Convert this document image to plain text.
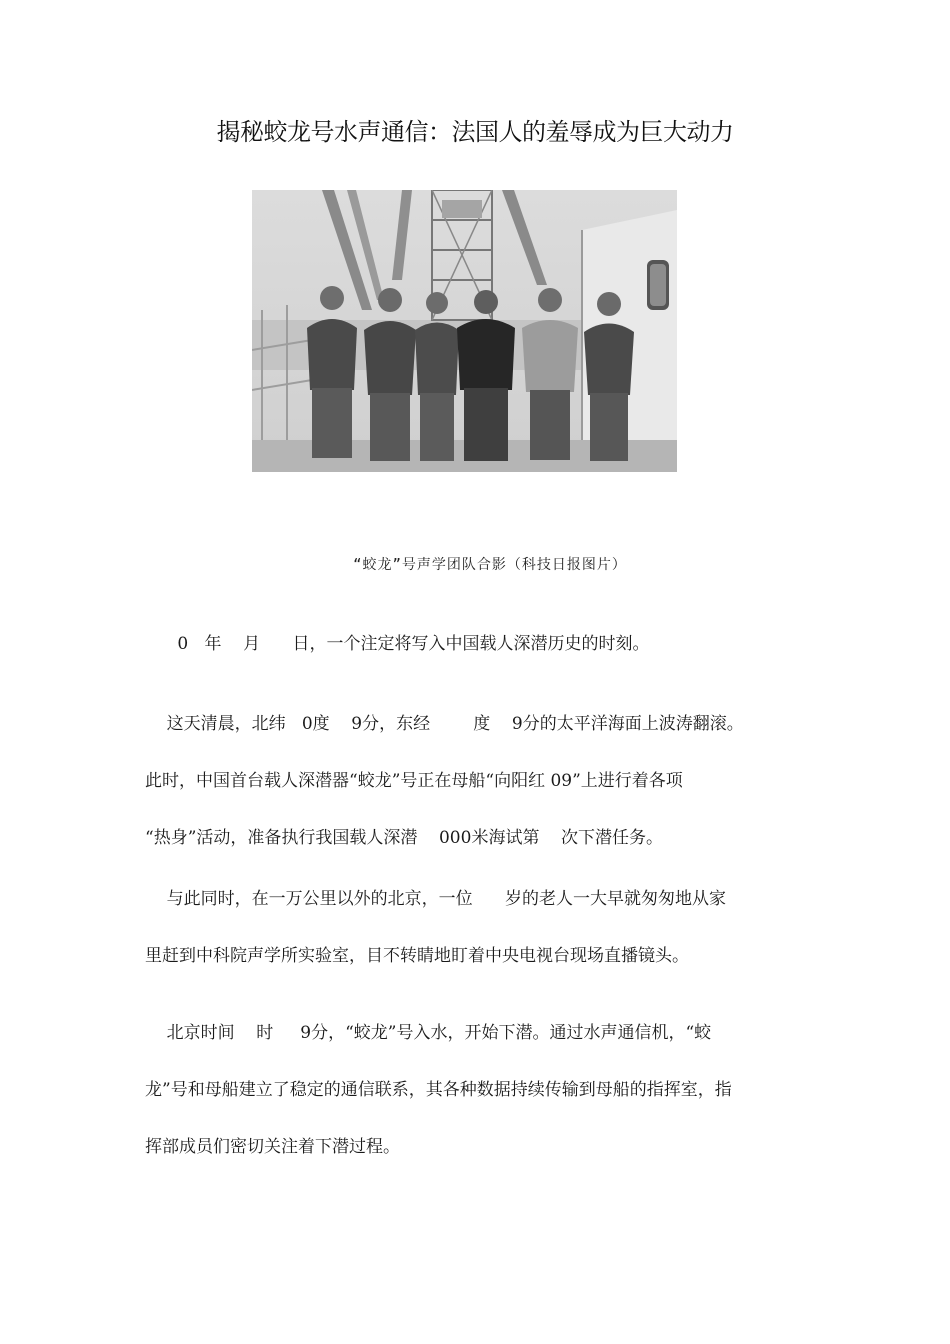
揭秘蛟龙号水声通信：法国人的羞辱成为巨大动力
“蛟龙”号声学团队合影（科技日报图片）
0   年    月      日，一个注定将写入中国载人深潜历史的时刻。
这天清晨，北纬   0度    9分，东经        度    9分的太平洋海面上波涛翻滚。
此时，中国首台载人深潜器“蛟龙”号正在母船“向阳红 09”上进行着各项
“热身”活动，准备执行我国载人深潜    000米海试第    次下潜任务。
与此同时，在一万公里以外的北京，一位      岁的老人一大早就匆匆地从家
里赶到中科院声学所实验室，目不转睛地盯着中央电视台现场直播镜头。
北京时间    时     9分，“蛟龙”号入水，开始下潜。通过水声通信机，“蛟
龙”号和母船建立了稳定的通信联系，其各种数据持续传输到母船的指挥室，指
挥部成员们密切关注着下潜过程。
